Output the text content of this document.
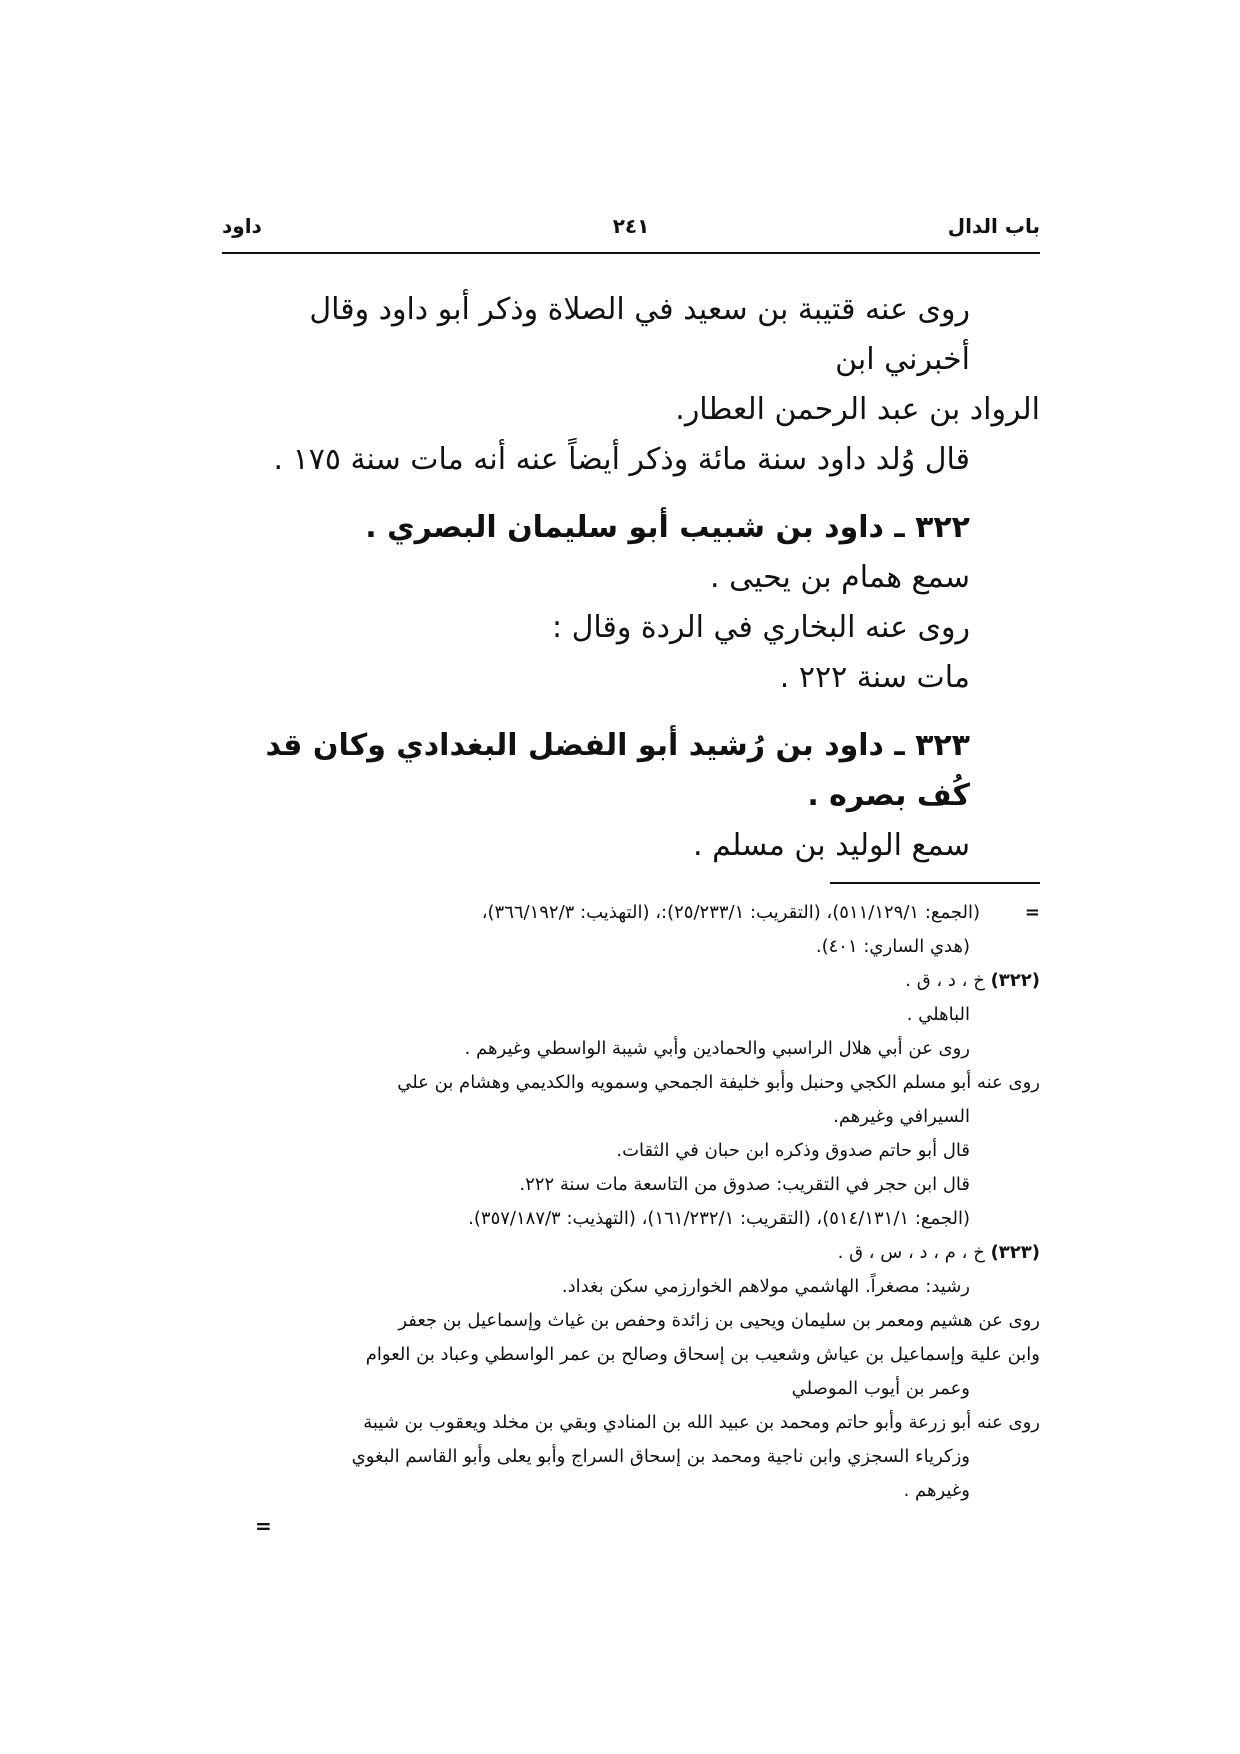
باب الدال
٢٤١
داود

روى عنه قتيبة بن سعيد في الصلاة وذكر أبو داود وقال أخبرني ابن

الرواد بن عبد الرحمن العطار.

قال وُلد داود سنة مائة وذكر أيضاً عنه أنه مات سنة ١٧٥ .

٣٢٢ ـ داود بن شبيب أبو سليمان البصري .

سمع همام بن يحيى .

روى عنه البخاري في الردة وقال :

مات سنة ٢٢٢ .

٣٢٣ ـ داود بن رُشيد أبو الفضل البغدادي وكان قد كُف بصره .

سمع الوليد بن مسلم .

=(الجمع: ٥١١/١٢٩/١)، (التقريب: ٢٥/٢٣٣/١):، (التهذيب: ٣٦٦/١٩٢/٣)،

(هدي الساري: ٤٠١).

(٣٢٢) خ ، د ، ق .

الباهلي .

روى عن أبي هلال الراسبي والحمادين وأبي شيبة الواسطي وغيرهم .

روى عنه أبو مسلم الكجي وحنبل وأبو خليفة الجمحي وسمويه والكديمي وهشام بن علي

السيرافي وغيرهم.

قال أبو حاتم صدوق وذكره ابن حبان في الثقات.

قال ابن حجر في التقريب: صدوق من التاسعة مات سنة ٢٢٢.

(الجمع: ٥١٤/١٣١/١)، (التقريب: ١٦١/٢٣٢/١)، (التهذيب: ٣٥٧/١٨٧/٣).

(٣٢٣) خ ، م ، د ، س ، ق .

رشيد: مصغراً. الهاشمي مولاهم الخوارزمي سكن بغداد.

روى عن هشيم ومعمر بن سليمان ويحيى بن زائدة وحفص بن غياث وإسماعيل بن جعفر

وابن علية وإسماعيل بن عياش وشعيب بن إسحاق وصالح بن عمر الواسطي وعباد بن العوام

وعمر بن أيوب الموصلي

روى عنه أبو زرعة وأبو حاتم ومحمد بن عبيد الله بن المنادي وبقي بن مخلد ويعقوب بن شيبة

وزكرياء السجزي وابن ناجية ومحمد بن إسحاق السراج وأبو يعلى وأبو القاسم البغوي

وغيرهم .

=
